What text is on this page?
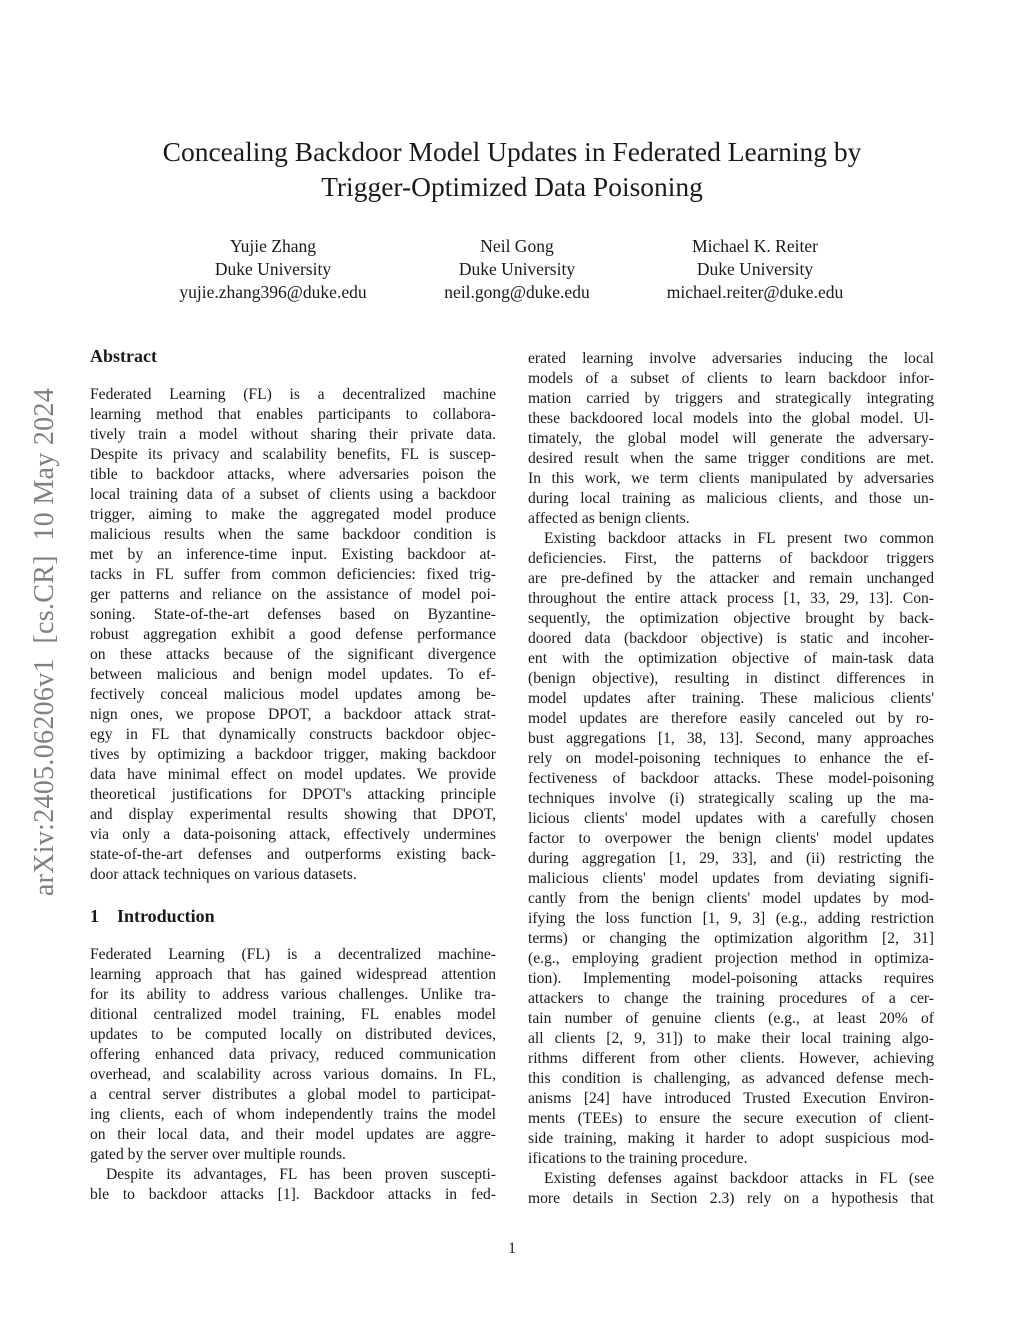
arXiv:2405.06206v1  [cs.CR]  10 May 2024
Concealing Backdoor Model Updates in Federated Learning by
Trigger-Optimized Data Poisoning
Yujie Zhang
Duke University
yujie.zhang396@duke.edu
Neil Gong
Duke University
neil.gong@duke.edu
Michael K. Reiter
Duke University
michael.reiter@duke.edu
Abstract
Federated Learning (FL) is a decentralized machine
learning method that enables participants to collabora-
tively train a model without sharing their private data.
Despite its privacy and scalability benefits, FL is suscep-
tible to backdoor attacks, where adversaries poison the
local training data of a subset of clients using a backdoor
trigger, aiming to make the aggregated model produce
malicious results when the same backdoor condition is
met by an inference-time input. Existing backdoor at-
tacks in FL suffer from common deficiencies: fixed trig-
ger patterns and reliance on the assistance of model poi-
soning. State-of-the-art defenses based on Byzantine-
robust aggregation exhibit a good defense performance
on these attacks because of the significant divergence
between malicious and benign model updates. To ef-
fectively conceal malicious model updates among be-
nign ones, we propose DPOT, a backdoor attack strat-
egy in FL that dynamically constructs backdoor objec-
tives by optimizing a backdoor trigger, making backdoor
data have minimal effect on model updates. We provide
theoretical justifications for DPOT's attacking principle
and display experimental results showing that DPOT,
via only a data-poisoning attack, effectively undermines
state-of-the-art defenses and outperforms existing back-
door attack techniques on various datasets.
1    Introduction
Federated Learning (FL) is a decentralized machine-
learning approach that has gained widespread attention
for its ability to address various challenges. Unlike tra-
ditional centralized model training, FL enables model
updates to be computed locally on distributed devices,
offering enhanced data privacy, reduced communication
overhead, and scalability across various domains. In FL,
a central server distributes a global model to participat-
ing clients, each of whom independently trains the model
on their local data, and their model updates are aggre-
gated by the server over multiple rounds.
Despite its advantages, FL has been proven suscepti-
ble to backdoor attacks [1]. Backdoor attacks in fed-
erated learning involve adversaries inducing the local
models of a subset of clients to learn backdoor infor-
mation carried by triggers and strategically integrating
these backdoored local models into the global model. Ul-
timately, the global model will generate the adversary-
desired result when the same trigger conditions are met.
In this work, we term clients manipulated by adversaries
during local training as malicious clients, and those un-
affected as benign clients.
Existing backdoor attacks in FL present two common
deficiencies. First, the patterns of backdoor triggers
are pre-defined by the attacker and remain unchanged
throughout the entire attack process [1, 33, 29, 13]. Con-
sequently, the optimization objective brought by back-
doored data (backdoor objective) is static and incoher-
ent with the optimization objective of main-task data
(benign objective), resulting in distinct differences in
model updates after training. These malicious clients'
model updates are therefore easily canceled out by ro-
bust aggregations [1, 38, 13]. Second, many approaches
rely on model-poisoning techniques to enhance the ef-
fectiveness of backdoor attacks. These model-poisoning
techniques involve (i) strategically scaling up the ma-
licious clients' model updates with a carefully chosen
factor to overpower the benign clients' model updates
during aggregation [1, 29, 33], and (ii) restricting the
malicious clients' model updates from deviating signifi-
cantly from the benign clients' model updates by mod-
ifying the loss function [1, 9, 3] (e.g., adding restriction
terms) or changing the optimization algorithm [2, 31]
(e.g., employing gradient projection method in optimiza-
tion). Implementing model-poisoning attacks requires
attackers to change the training procedures of a cer-
tain number of genuine clients (e.g., at least 20% of
all clients [2, 9, 31]) to make their local training algo-
rithms different from other clients. However, achieving
this condition is challenging, as advanced defense mech-
anisms [24] have introduced Trusted Execution Environ-
ments (TEEs) to ensure the secure execution of client-
side training, making it harder to adopt suspicious mod-
ifications to the training procedure.
Existing defenses against backdoor attacks in FL (see
more details in Section 2.3) rely on a hypothesis that
1
